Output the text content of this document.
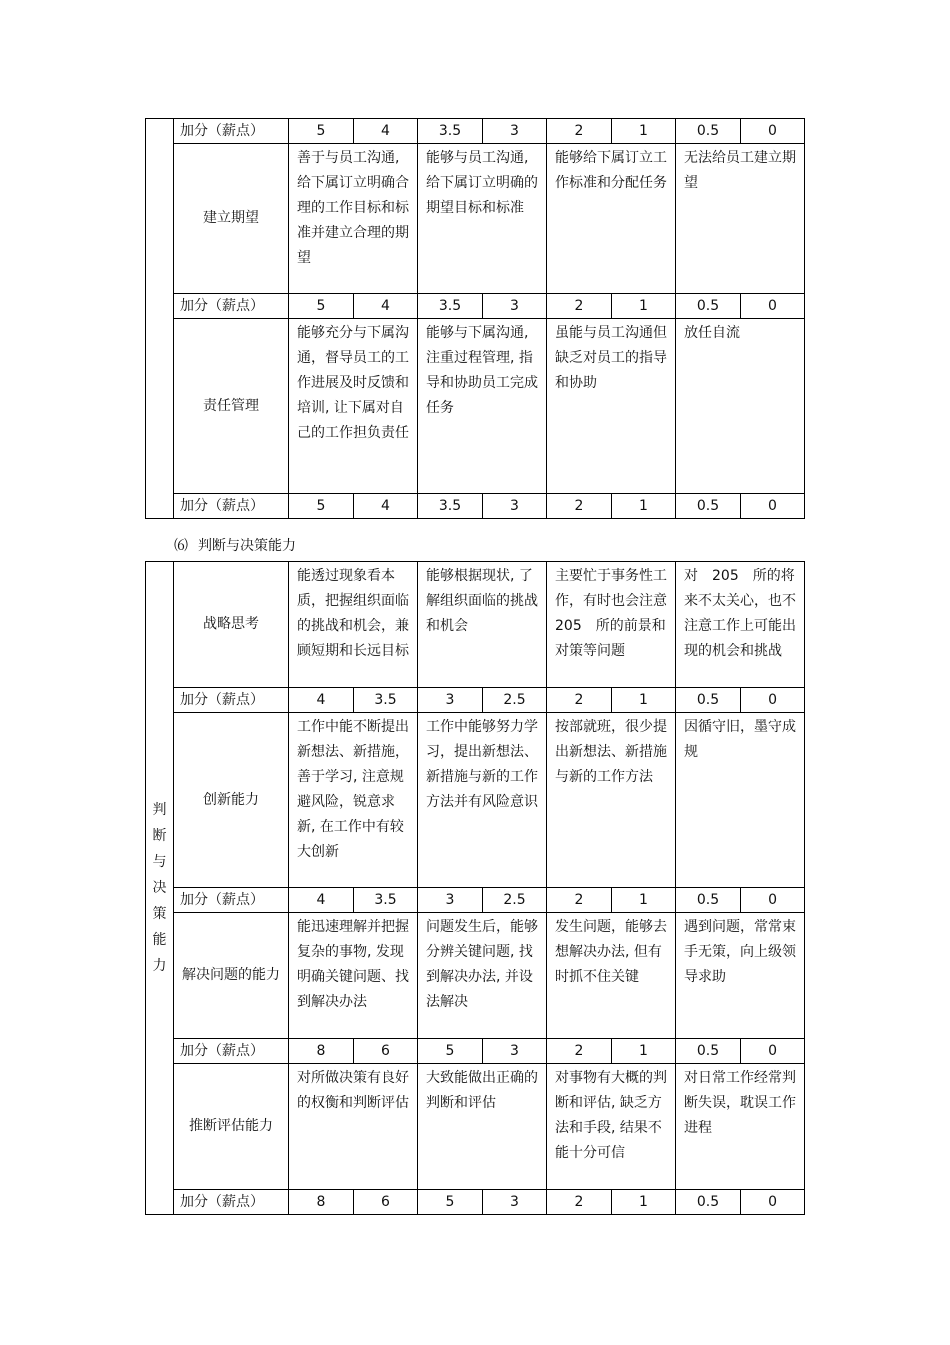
	加分（薪点）	5	4	3.5	3	2	1	0.5	0
	建立期望	善于与员工沟通, 给下属订立明确合理的工作目标和标准并建立合理的期望		能够与员工沟通, 给下属订立明确的期望目标和标准		能够给下属订立工作标准和分配任务		无法给员工建立期望	
	加分（薪点）	5	4	3.5	3	2	1	0.5	0
	责任管理	能够充分与下属沟通，督导员工的工作进展及时反馈和培训, 让下属对自己的工作担负责任		能够与下属沟通, 注重过程管理, 指导和协助员工完成任务		虽能与员工沟通但缺乏对员工的指导和协助		放任自流	
	加分（薪点）	5	4	3.5	3	2	1	0.5	0
⑹ 判断与决策能力
判断与决策能力	战略思考	能透过现象看本质，把握组织面临的挑战和机会，兼顾短期和长远目标		能够根据现状, 了解组织面临的挑战和机会		主要忙于事务性工作，有时也会注意　205　所的前景和对策等问题		对　205　所的将来不太关心，也不注意工作上可能出现的机会和挑战	
	加分（薪点）	4	3.5	3	2.5	2	1	0.5	0
	创新能力	工作中能不断提出新想法、新措施，善于学习, 注意规避风险，锐意求新, 在工作中有较大创新		工作中能够努力学习，提出新想法、新措施与新的工作方法并有风险意识		按部就班，很少提出新想法、新措施与新的工作方法		因循守旧，墨守成规	
	加分（薪点）	4	3.5	3	2.5	2	1	0.5	0
	解决问题的能力	能迅速理解并把握复杂的事物, 发现明确关键问题、找到解决办法		问题发生后，能够分辨关键问题, 找到解决办法, 并设法解决		发生问题，能够去想解决办法, 但有时抓不住关键		遇到问题，常常束手无策，向上级领导求助	
	加分（薪点）	8	6	5	3	2	1	0.5	0
	推断评估能力	对所做决策有良好的权衡和判断评估		大致能做出正确的判断和评估		对事物有大概的判断和评估, 缺乏方法和手段, 结果不能十分可信		对日常工作经常判断失误，耽误工作进程	
	加分（薪点）	8	6	5	3	2	1	0.5	0
